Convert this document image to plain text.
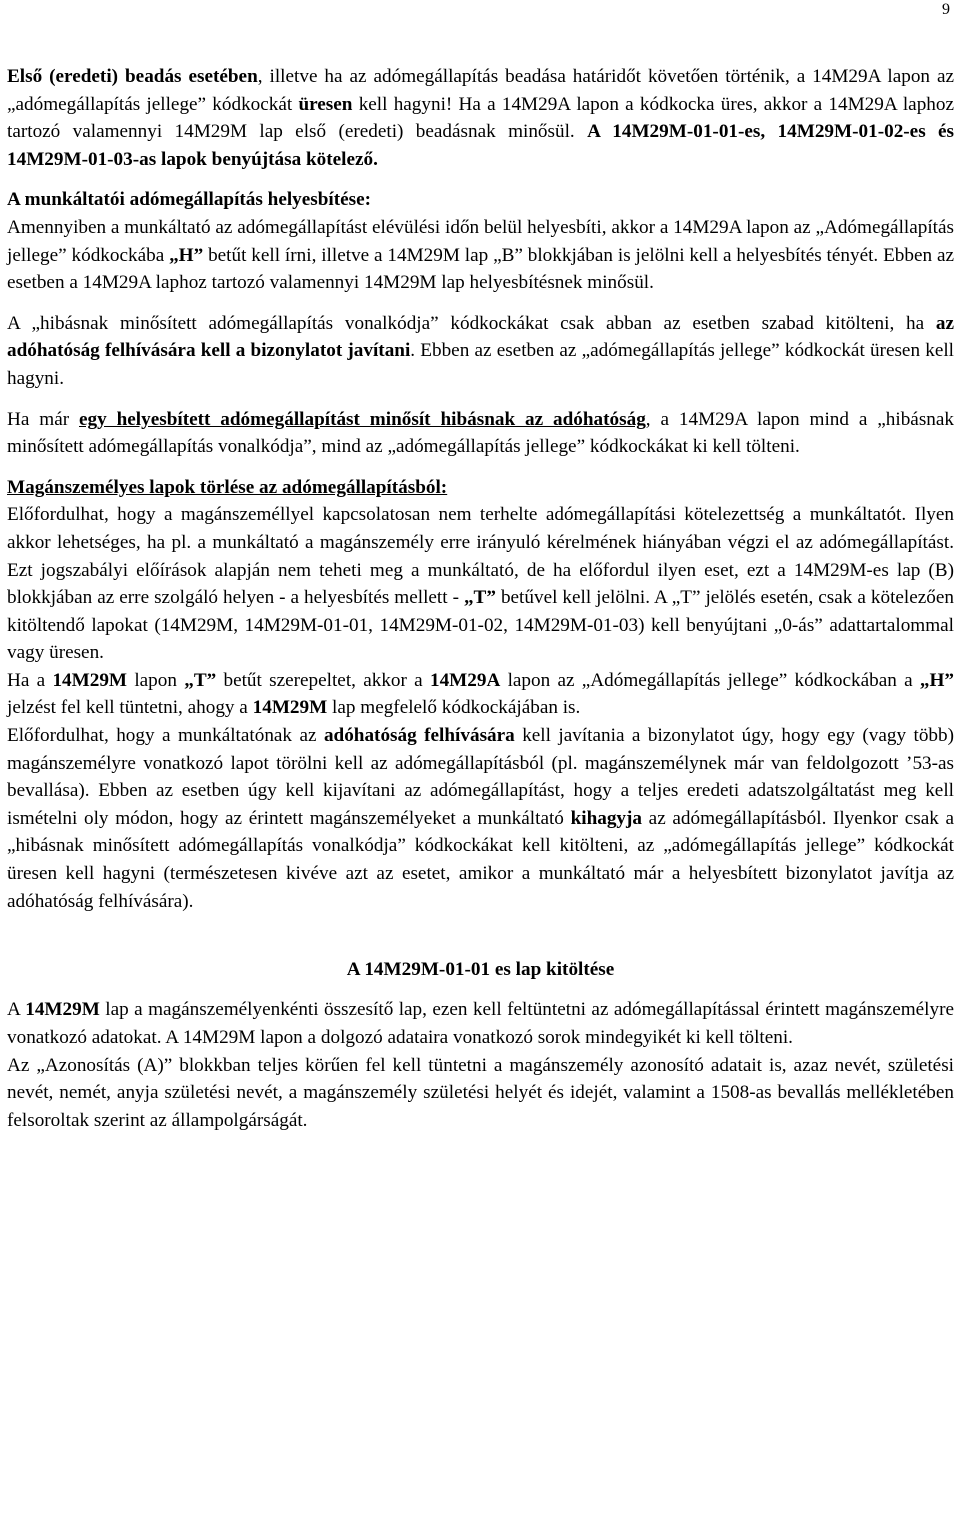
9

Első (eredeti) beadás esetében, illetve ha az adómegállapítás beadása határidőt követően történik, a 14M29A lapon az „adómegállapítás jellege” kódkockát üresen kell hagyni! Ha a 14M29A lapon a kódkocka üres, akkor a 14M29A laphoz tartozó valamennyi 14M29M lap első (eredeti) beadásnak minősül. A 14M29M-01-01-es, 14M29M-01-02-es és 14M29M-01-03-as lapok benyújtása kötelező.

A munkáltatói adómegállapítás helyesbítése:
Amennyiben a munkáltató az adómegállapítást elévülési időn belül helyesbíti, akkor a 14M29A lapon az „Adómegállapítás jellege” kódkockába „H” betűt kell írni, illetve a 14M29M lap „B” blokkjában is jelölni kell a helyesbítés tényét. Ebben az esetben a 14M29A laphoz tartozó valamennyi 14M29M lap helyesbítésnek minősül.

A „hibásnak minősített adómegállapítás vonalkódja” kódkockákat csak abban az esetben szabad kitölteni, ha az adóhatóság felhívására kell a bizonylatot javítani. Ebben az esetben az „adómegállapítás jellege” kódkockát üresen kell hagyni.

Ha már egy helyesbített adómegállapítást minősít hibásnak az adóhatóság, a 14M29A lapon mind a „hibásnak minősített adómegállapítás vonalkódja”, mind az „adómegállapítás jellege” kódkockákat ki kell tölteni.

Magánszemélyes lapok törlése az adómegállapításból:
Előfordulhat, hogy a magánszeméllyel kapcsolatosan nem terhelte adómegállapítási kötelezettség a munkáltatót. Ilyen akkor lehetséges, ha pl. a munkáltató a magánszemély erre irányuló kérelmének hiányában végzi el az adómegállapítást. Ezt jogszabályi előírások alapján nem teheti meg a munkáltató, de ha előfordul ilyen eset, ezt a 14M29M-es lap (B) blokkjában az erre szolgáló helyen - a helyesbítés mellett - „T” betűvel kell jelölni. A „T” jelölés esetén, csak a kötelezően kitöltendő lapokat (14M29M, 14M29M-01-01, 14M29M-01-02, 14M29M-01-03) kell benyújtani „0-ás” adattartalommal vagy üresen.

Ha a 14M29M lapon „T” betűt szerepeltet, akkor a 14M29A lapon az „Adómegállapítás jellege” kódkockában a „H” jelzést fel kell tüntetni, ahogy a 14M29M lap megfelelő kódkockájában is.

Előfordulhat, hogy a munkáltatónak az adóhatóság felhívására kell javítania a bizonylatot úgy, hogy egy (vagy több) magánszemélyre vonatkozó lapot törölni kell az adómegállapításból (pl. magánszemélynek már van feldolgozott ’53-as bevallása). Ebben az esetben úgy kell kijavítani az adómegállapítást, hogy a teljes eredeti adatszolgáltatást meg kell ismételni oly módon, hogy az érintett magánszemélyeket a munkáltató kihagyja az adómegállapításból. Ilyenkor csak a „hibásnak minősített adómegállapítás vonalkódja” kódkockákat kell kitölteni, az „adómegállapítás jellege” kódkockát üresen kell hagyni (természetesen kivéve azt az esetet, amikor a munkáltató már a helyesbített bizonylatot javítja az adóhatóság felhívására).

A 14M29M-01-01 es lap kitöltése

A 14M29M lap a magánszemélyenkénti összesítő lap, ezen kell feltüntetni az adómegállapítással érintett magánszemélyre vonatkozó adatokat. A 14M29M lapon a dolgozó adataira vonatkozó sorok mindegyikét ki kell tölteni.

Az „Azonosítás (A)” blokkban teljes körűen fel kell tüntetni a magánszemély azonosító adatait is, azaz nevét, születési nevét, nemét, anyja születési nevét, a magánszemély születési helyét és idejét, valamint a 1508-as bevallás mellékletében felsoroltak szerint az állampolgárságát.
